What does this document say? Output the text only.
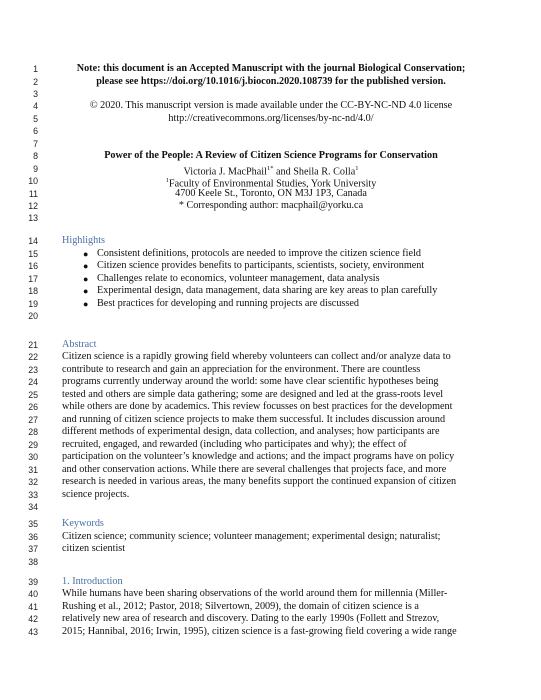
1
2
3
4
5
6
7
8
9
10
11
12
13
14
15
16
17
18
19
20
21
22
23
24
25
26
27
28
29
30
31
32
33
34
35
36
37
38
39
40
41
42
43
Note: this document is an Accepted Manuscript with the journal Biological Conservation;
please see https://doi.org/10.1016/j.biocon.2020.108739 for the published version.
© 2020. This manuscript version is made available under the CC-BY-NC-ND 4.0 license
http://creativecommons.org/licenses/by-nc-nd/4.0/
Power of the People: A Review of Citizen Science Programs for Conservation
Victoria J. MacPhail$^{1*}$ and Sheila R. Colla$^1$
$^1$Faculty of Environmental Studies, York University
4700 Keele St., Toronto, ON M3J 1P3, Canada
* Corresponding author: macphail@yorku.ca
Highlights
● Consistent definitions, protocols are needed to improve the citizen science field
● Citizen science provides benefits to participants, scientists, society, environment
● Challenges relate to economics, volunteer management, data analysis
● Experimental design, data management, data sharing are key areas to plan carefully
● Best practices for developing and running projects are discussed
Abstract
Citizen science is a rapidly growing field whereby volunteers can collect and/or analyze data to
contribute to research and gain an appreciation for the environment. There are countless
programs currently underway around the world: some have clear scientific hypotheses being
tested and others are simple data gathering; some are designed and led at the grass-roots level
while others are done by academics. This review focusses on best practices for the development
and running of citizen science projects to make them successful. It includes discussion around
different methods of experimental design, data collection, and analyses; how participants are
recruited, engaged, and rewarded (including who participates and why); the effect of
participation on the volunteer’s knowledge and actions; and the impact programs have on policy
and other conservation actions. While there are several challenges that projects face, and more
research is needed in various areas, the many benefits support the continued expansion of citizen
science projects.
Keywords
Citizen science; community science; volunteer management; experimental design; naturalist;
citizen scientist
1. Introduction
While humans have been sharing observations of the world around them for millennia (Miller-
Rushing et al., 2012; Pastor, 2018; Silvertown, 2009), the domain of citizen science is a
relatively new area of research and discovery. Dating to the early 1990s (Follett and Strezov,
2015; Hannibal, 2016; Irwin, 1995), citizen science is a fast-growing field covering a wide range
